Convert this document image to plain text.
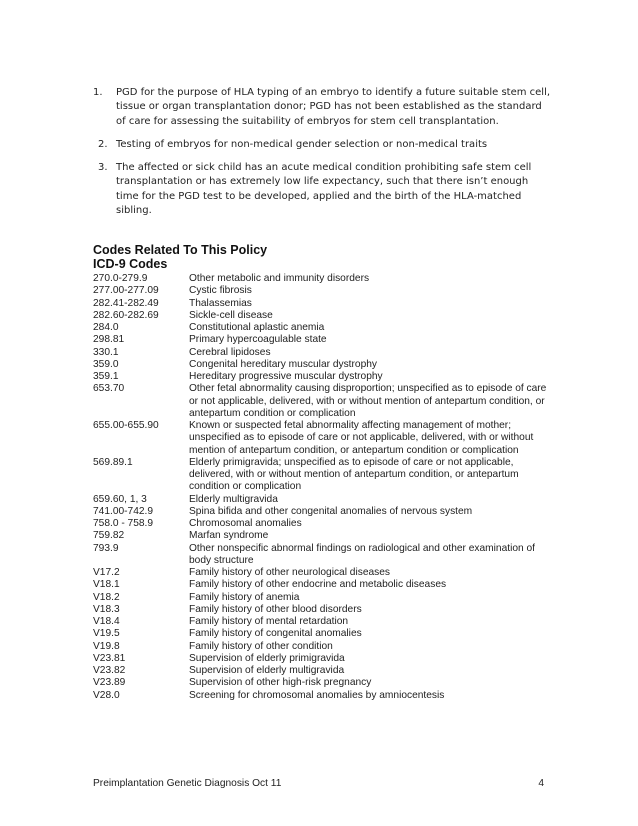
1. PGD for the purpose of HLA typing of an embryo to identify a future suitable stem cell, tissue or organ transplantation donor; PGD has not been established as the standard of care for assessing the suitability of embryos for stem cell transplantation.
2. Testing of embryos for non-medical gender selection or non-medical traits
3. The affected or sick child has an acute medical condition prohibiting safe stem cell transplantation or has extremely low life expectancy, such that there isn’t enough time for the PGD test to be developed, applied and the birth of the HLA-matched sibling.
Codes Related To This Policy
ICD-9 Codes
270.0-279.9	Other metabolic and immunity disorders
277.00-277.09	Cystic fibrosis
282.41-282.49	Thalassemias
282.60-282.69	Sickle-cell disease
284.0	Constitutional aplastic anemia
298.81	Primary hypercoagulable state
330.1	Cerebral lipidoses
359.0	Congenital hereditary muscular dystrophy
359.1	Hereditary progressive muscular dystrophy
653.70	Other fetal abnormality causing disproportion; unspecified as to episode of care or not applicable, delivered, with or without mention of antepartum condition, or antepartum condition or complication
655.00-655.90	Known or suspected fetal abnormality affecting management of mother; unspecified as to episode of care or not applicable, delivered, with or without mention of antepartum condition, or antepartum condition or complication
569.89.1	Elderly primigravida; unspecified as to episode of care or not applicable, delivered, with or without mention of antepartum condition, or antepartum condition or complication
659.60, 1, 3	Elderly multigravida
741.00-742.9	Spina bifida and other congenital anomalies of nervous system
758.0 - 758.9	Chromosomal anomalies
759.82	Marfan syndrome
793.9	Other nonspecific abnormal findings on radiological and other examination of body structure
V17.2	Family history of other neurological diseases
V18.1	Family history of other endocrine and metabolic diseases
V18.2	Family history of anemia
V18.3	Family history of other blood disorders
V18.4	Family history of mental retardation
V19.5	Family history of congenital anomalies
V19.8	Family history of other condition
V23.81	Supervision of elderly primigravida
V23.82	Supervision of elderly multigravida
V23.89	Supervision of other high-risk pregnancy
V28.0	Screening for chromosomal anomalies by amniocentesis
Preimplantation Genetic Diagnosis Oct 11	4
